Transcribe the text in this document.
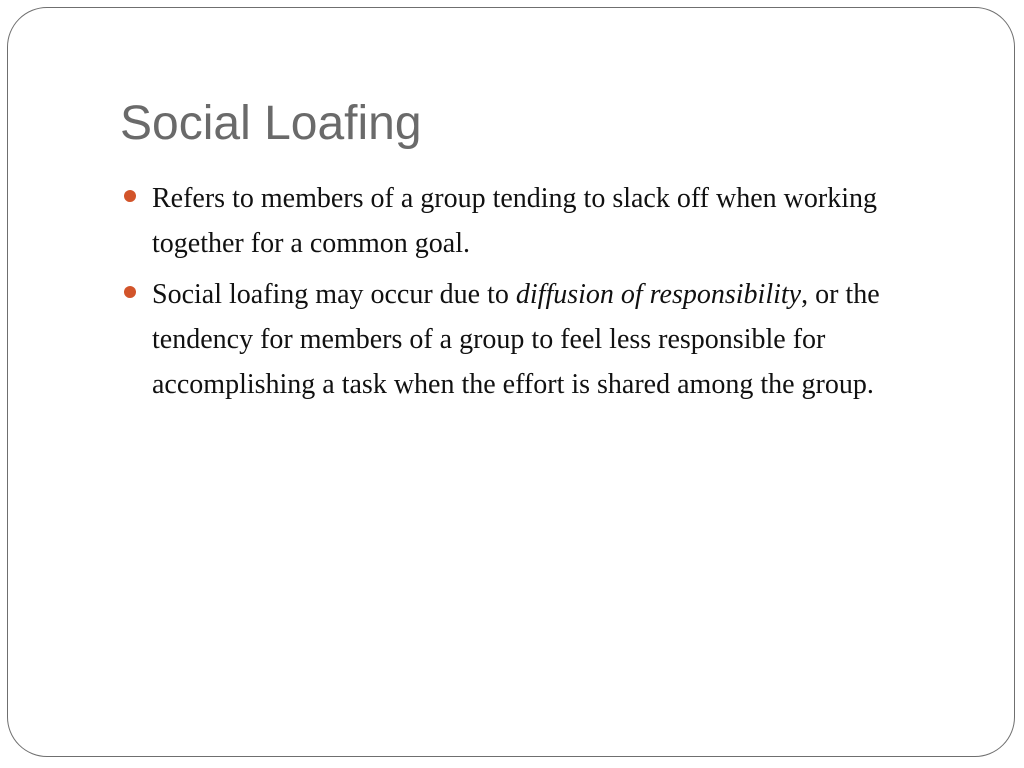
Social Loafing
Refers to members of a group tending to slack off when working together for a common goal.
Social loafing may occur due to diffusion of responsibility, or the tendency for members of a group to feel less responsible for accomplishing a task when the effort is shared among the group.
